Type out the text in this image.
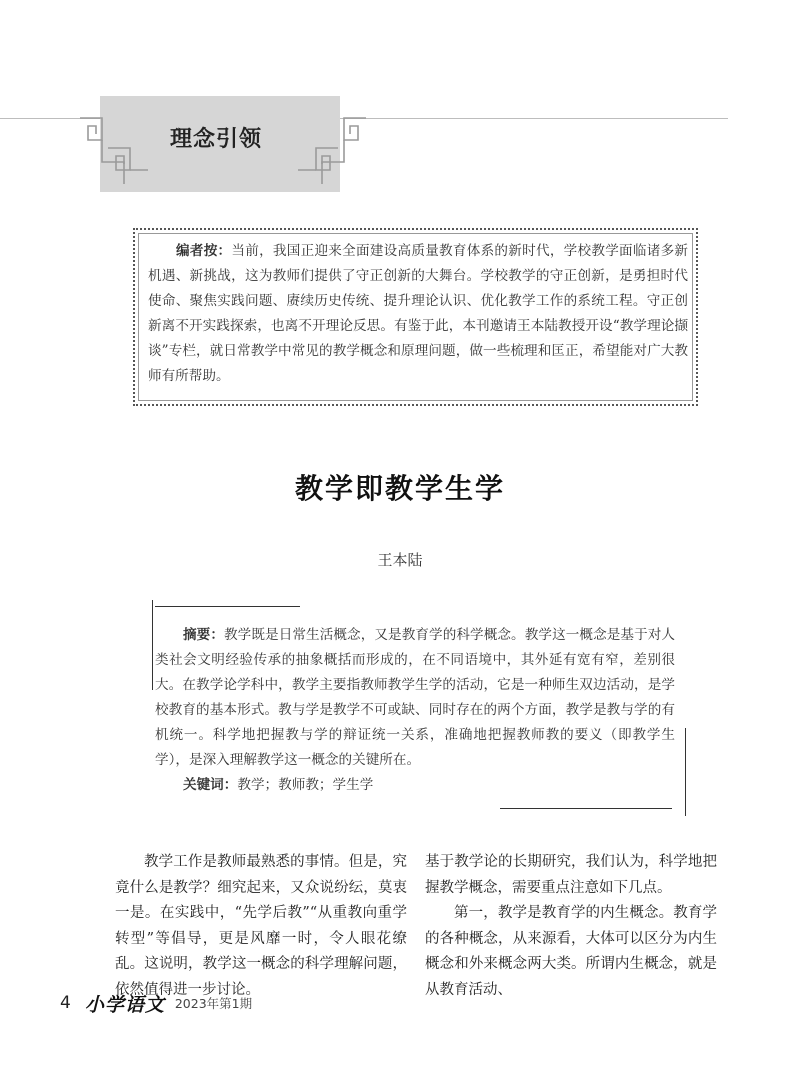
理念引领
编者按：当前，我国正迎来全面建设高质量教育体系的新时代，学校教学面临诸多新机遇、新挑战，这为教师们提供了守正创新的大舞台。学校教学的守正创新，是勇担时代使命、聚焦实践问题、赓续历史传统、提升理论认识、优化教学工作的系统工程。守正创新离不开实践探索，也离不开理论反思。有鉴于此，本刊邀请王本陆教授开设“教学理论撷谈”专栏，就日常教学中常见的教学概念和原理问题，做一些梳理和匡正，希望能对广大教师有所帮助。
教学即教学生学
王本陆
摘要：教学既是日常生活概念，又是教育学的科学概念。教学这一概念是基于对人类社会文明经验传承的抽象概括而形成的，在不同语境中，其外延有宽有窄，差别很大。在教学论学科中，教学主要指教师教学生学的活动，它是一种师生双边活动，是学校教育的基本形式。教与学是教学不可或缺、同时存在的两个方面，教学是教与学的有机统一。科学地把握教与学的辩证统一关系，准确地把握教师教的要义（即教学生学），是深入理解教学这一概念的关键所在。
关键词：教学；教师教；学生学

教学工作是教师最熟悉的事情。但是，究竟什么是教学？细究起来，又众说纷纭，莫衷一是。在实践中，“先学后教”“从重教向重学转型”等倡导，更是风靡一时，令人眼花缭乱。这说明，教学这一概念的科学理解问题，依然值得进一步讨论。

基于教学论的长期研究，我们认为，科学地把握教学概念，需要重点注意如下几点。

第一，教学是教育学的内生概念。教育学的各种概念，从来源看，大体可以区分为内生概念和外来概念两大类。所谓内生概念，就是从教育活动、

4 小学语文 2023年第1期
